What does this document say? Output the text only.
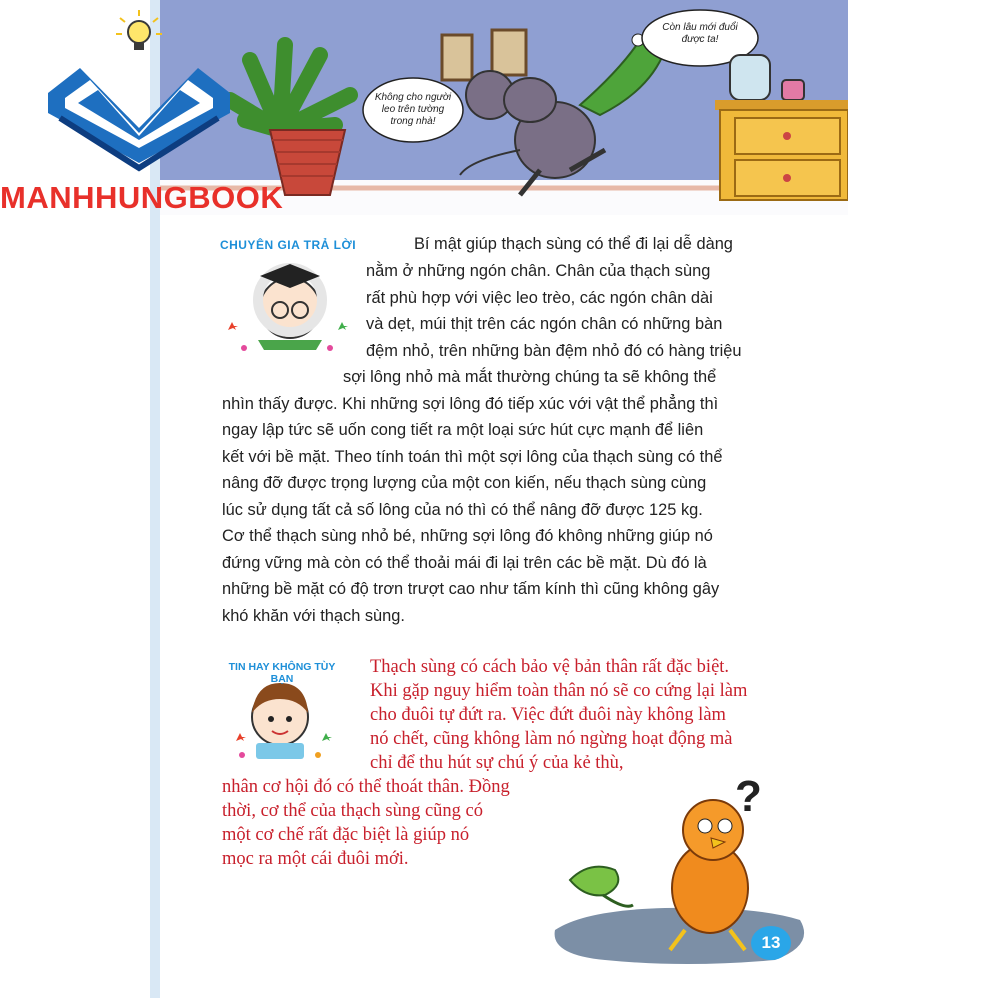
Còn lâu mới đuổi
được ta!
Không cho người
leo trên tường
trong nhà!
MANHHUNGBOOK
CHUYÊN GIA TRẢ LỜI	Bí mật giúp thạch sùng có thể đi lại dễ dàng
nằm ở những ngón chân. Chân của thạch sùng
rất phù hợp với việc leo trèo, các ngón chân dài
và dẹt, múi thịt trên các ngón chân có những bàn
đệm nhỏ, trên những bàn đệm nhỏ đó có hàng triệu
sợi lông nhỏ mà mắt thường chúng ta sẽ không thể
nhìn thấy được. Khi những sợi lông đó tiếp xúc với vật thể phẳng thì
ngay lập tức sẽ uốn cong tiết ra một loại sức hút cực mạnh để liên
kết với bề mặt. Theo tính toán thì một sợi lông của thạch sùng có thể
nâng đỡ được trọng lượng của một con kiến, nếu thạch sùng cùng
lúc sử dụng tất cả số lông của nó thì có thể nâng đỡ được 125 kg.
Cơ thể thạch sùng nhỏ bé, những sợi lông đó không những giúp nó
đứng vững mà còn có thể thoải mái đi lại trên các bề mặt. Dù đó là
những bề mặt có độ trơn trượt cao như tấm kính thì cũng không gây
khó khăn với thạch sùng.
TIN HAY KHÔNG TÙY BẠN
Thạch sùng có cách bảo vệ bản thân rất đặc biệt.
Khi gặp nguy hiểm toàn thân nó sẽ co cứng lại làm
cho đuôi tự đứt ra. Việc đứt đuôi này không làm
nó chết, cũng không làm nó ngừng hoạt động mà
chỉ để thu hút sự chú ý của kẻ thù,
nhân cơ hội đó có thể thoát thân. Đồng
thời, cơ thể của thạch sùng cũng có
một cơ chế rất đặc biệt là giúp nó
mọc ra một cái đuôi mới.
?
13
